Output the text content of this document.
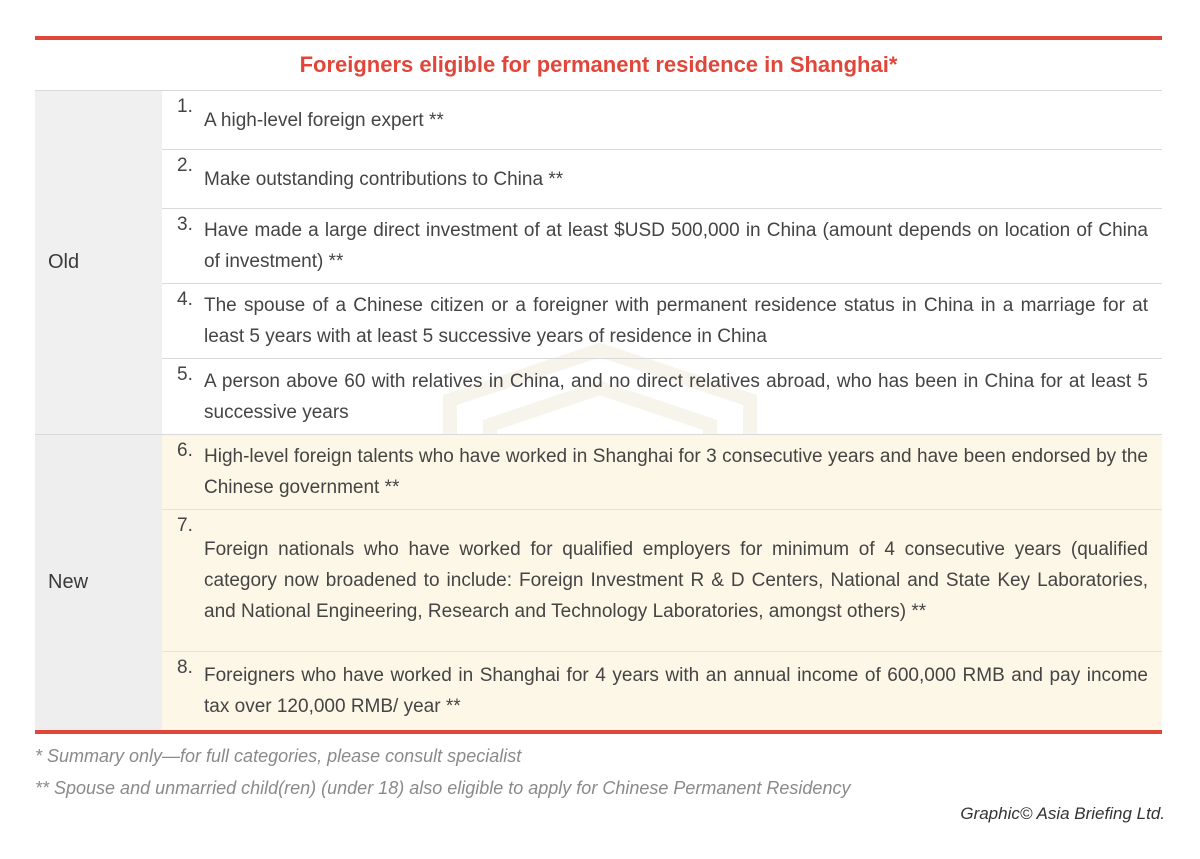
Foreigners eligible for permanent residence in Shanghai*
Old
1.
A high-level foreign expert **
2.
Make outstanding contributions to China **
3. Have made a large direct investment of at least $USD 500,000 in China (amount depends on location of China of investment) **
4. The spouse of a Chinese citizen or a foreigner with permanent residence status in China in a marriage for at least 5 years with at least 5 successive years of residence in China
5. A person above 60 with relatives in China, and no direct relatives abroad, who has been in China for at least 5 successive years
New
6. High-level foreign talents who have worked in Shanghai for 3 consecutive years and have been endorsed by the Chinese government **
7.
Foreign nationals who have worked for qualified employers for minimum of 4 consecutive years (qualified category now broadened to include: Foreign Investment R & D Centers, National and State Key Laboratories, and National Engineering, Research and Technology Laboratories, amongst others) **
8. Foreigners who have worked in Shanghai for 4 years with an annual income of 600,000 RMB and pay income tax over 120,000 RMB/ year **
* Summary only—for full categories, please consult specialist
** Spouse and unmarried child(ren) (under 18) also eligible to apply for Chinese Permanent Residency
Graphic© Asia Briefing Ltd.
